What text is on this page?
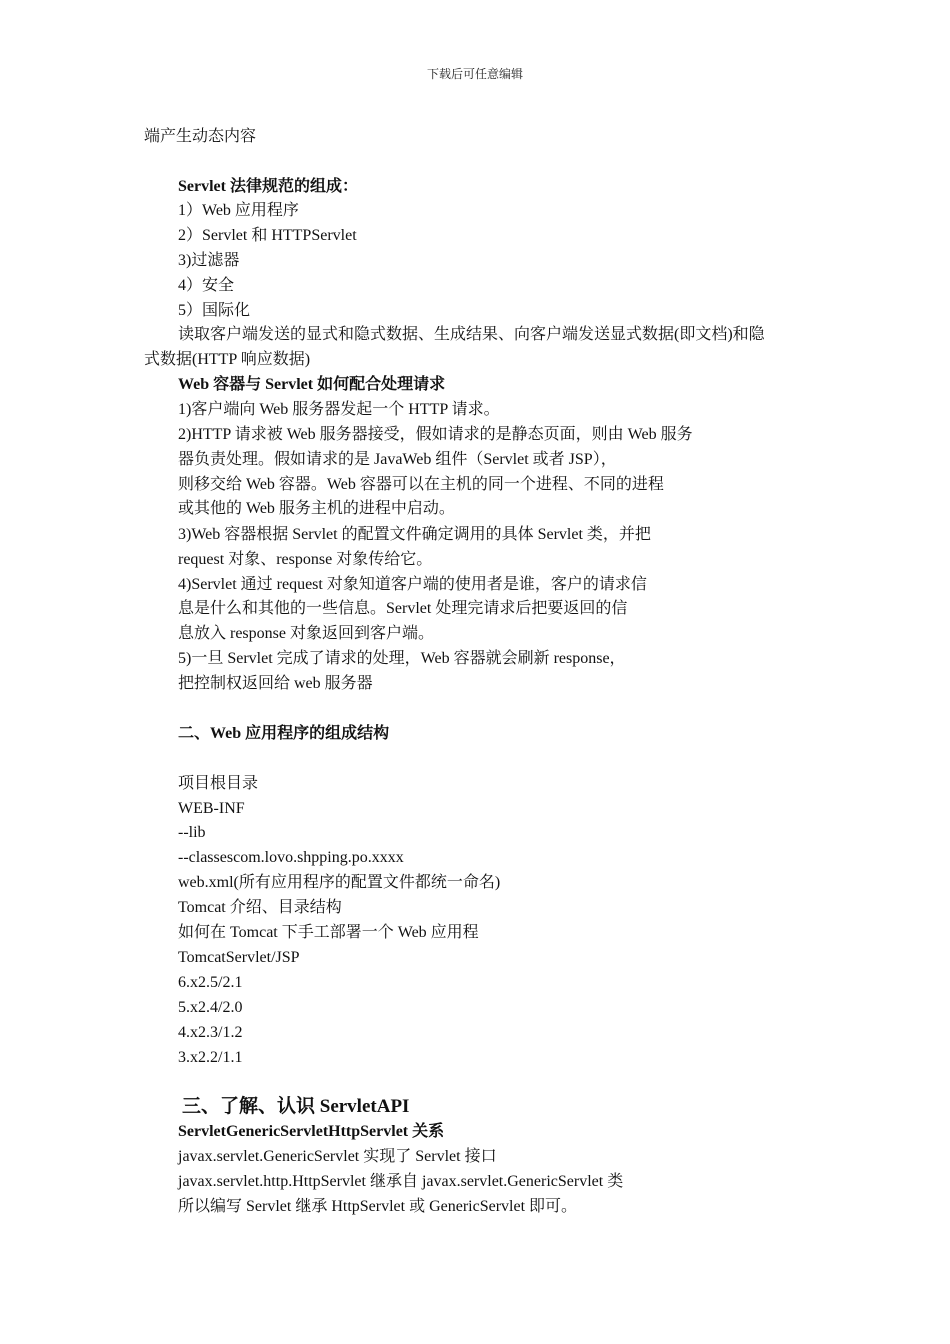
下载后可任意编辑
端产生动态内容
Servlet 法律规范的组成：
1）Web 应用程序
2）Servlet 和 HTTPServlet
3)过滤器
4）安全
5）国际化
读取客户端发送的显式和隐式数据、生成结果、向客户端发送显式数据(即文档)和隐
式数据(HTTP 响应数据)
Web 容器与 Servlet 如何配合处理请求
1)客户端向 Web 服务器发起一个 HTTP 请求。
2)HTTP 请求被 Web 服务器接受，假如请求的是静态页面，则由 Web 服务
器负责处理。假如请求的是 JavaWeb 组件（Servlet 或者 JSP），
则移交给 Web 容器。Web 容器可以在主机的同一个进程、不同的进程
或其他的 Web 服务主机的进程中启动。
3)Web 容器根据 Servlet 的配置文件确定调用的具体 Servlet 类，并把
request 对象、response 对象传给它。
4)Servlet 通过 request 对象知道客户端的使用者是谁，客户的请求信
息是什么和其他的一些信息。Servlet 处理完请求后把要返回的信
息放入 response 对象返回到客户端。
5)一旦 Servlet 完成了请求的处理，Web 容器就会刷新 response，
把控制权返回给 web 服务器
二、Web 应用程序的组成结构
项目根目录
WEB-INF
--lib
--classescom.lovo.shpping.po.xxxx
web.xml(所有应用程序的配置文件都统一命名)
Tomcat 介绍、目录结构
如何在 Tomcat 下手工部署一个 Web 应用程
TomcatServlet/JSP
6.x2.5/2.1
5.x2.4/2.0
4.x2.3/1.2
3.x2.2/1.1
三、了解、认识 ServletAPI
ServletGenericServletHttpServlet 关系
javax.servlet.GenericServlet 实现了 Servlet 接口
javax.servlet.http.HttpServlet 继承自 javax.servlet.GenericServlet 类
所以编写 Servlet 继承 HttpServlet 或 GenericServlet 即可。
